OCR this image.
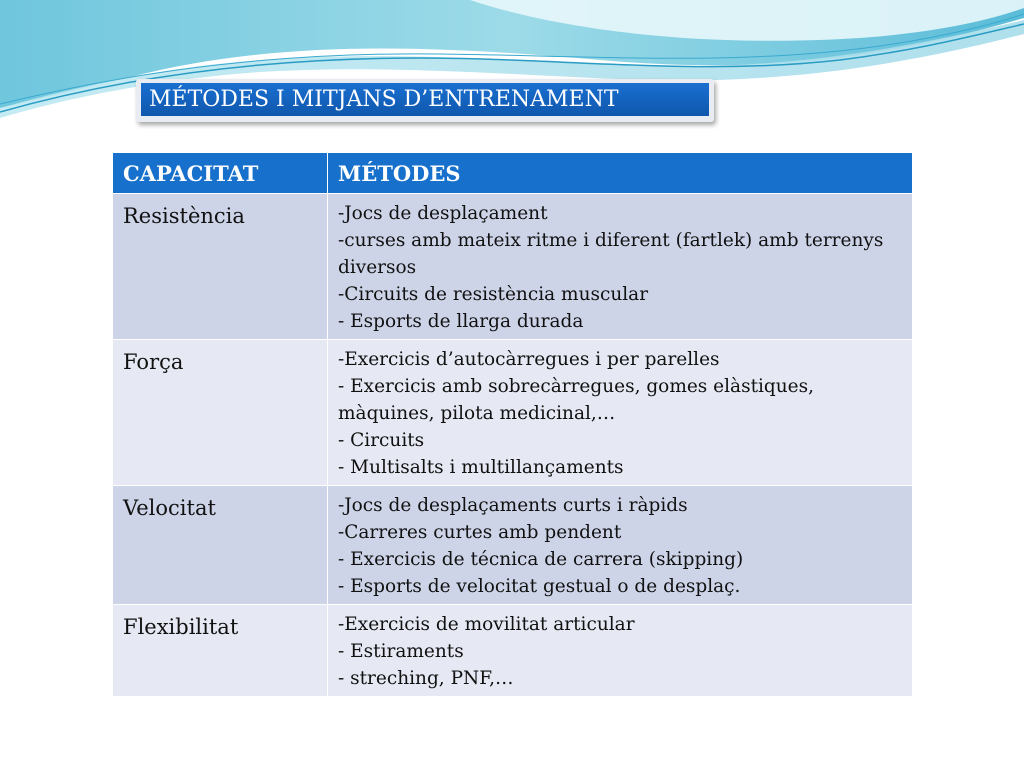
MÉTODES I MITJANS D’ENTRENAMENT
CAPACITAT	MÉTODES
Resistència	-Jocs de desplaçament
-curses amb mateix ritme i diferent (fartlek) amb terrenys diversos
-Circuits de resistència muscular
- Esports de llarga durada

Força	-Exercicis d’autocàrregues i per parelles
- Exercicis amb sobrecàrregues, gomes elàstiques, màquines, pilota medicinal,…
- Circuits
- Multisalts i multillançaments

Velocitat	-Jocs de desplaçaments curts i ràpids
-Carreres curtes amb pendent
- Exercicis de técnica de carrera (skipping)
- Esports de velocitat gestual o de desplaç.

Flexibilitat	-Exercicis de movilitat articular
- Estiraments
- streching, PNF,…
